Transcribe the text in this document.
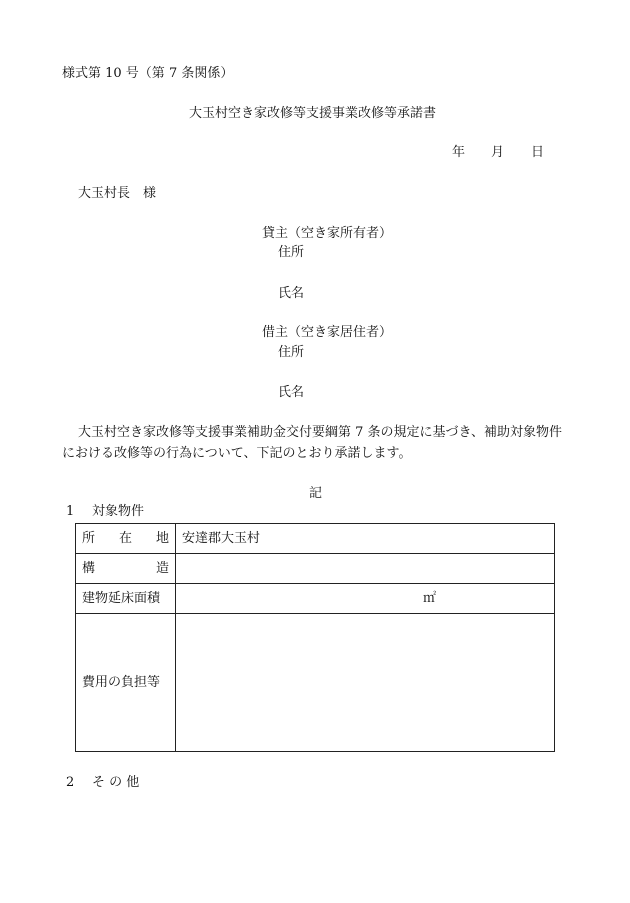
様式第 10 号（第 7 条関係）
大玉村空き家改修等支援事業改修等承諾書
年 月 日
大玉村長　様
貸主（空き家所有者）
住所
氏名
借主（空き家居住者）
住所
氏名
大玉村空き家改修等支援事業補助金交付要綱第 7 条の規定に基づき、補助対象物件
における改修等の行為について、下記のとおり承諾します。
記
1 対象物件
所 在 地	安達郡大玉村

構 造	

建物延床面積	㎡

費用の負担等	
2 そ の 他
